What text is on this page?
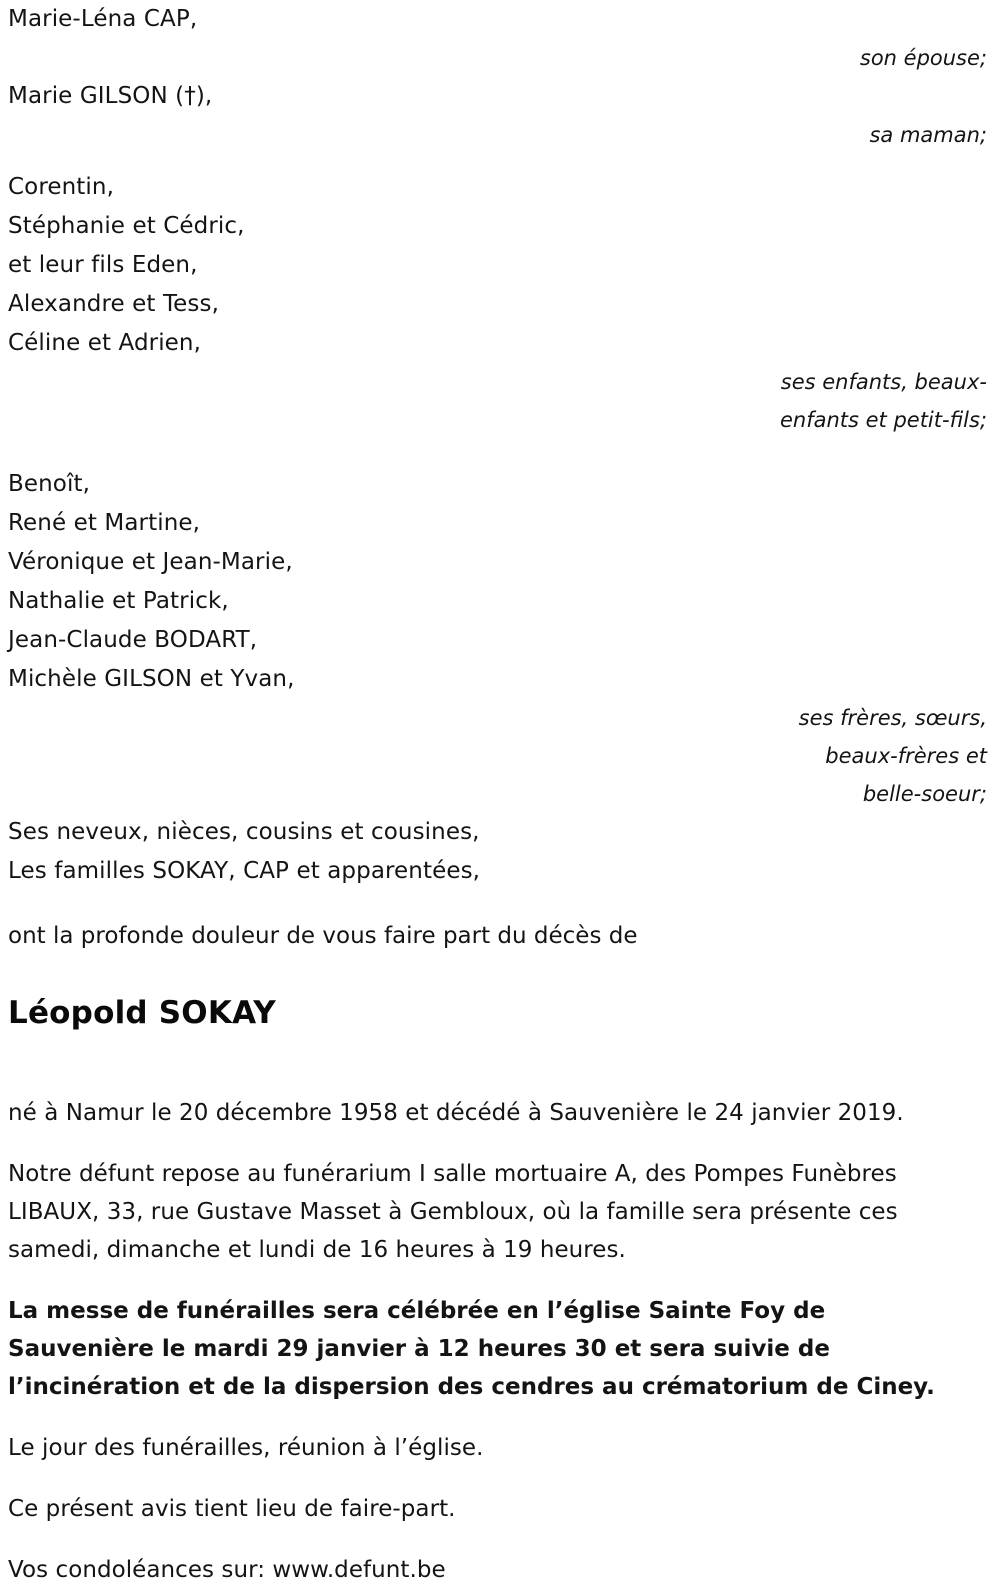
Marie-Léna CAP,
son épouse;
Marie GILSON (†),
sa maman;
Corentin,
Stéphanie et Cédric,
et leur fils Eden,
Alexandre et Tess,
Céline et Adrien,
ses enfants, beaux-
enfants et petit-fils;
Benoît,
René et Martine,
Véronique et Jean-Marie,
Nathalie et Patrick,
Jean-Claude BODART,
Michèle GILSON et Yvan,
ses frères, sœurs,
beaux-frères et
belle-soeur;
Ses neveux, nièces, cousins et cousines,
Les familles SOKAY, CAP et apparentées,
ont la profonde douleur de vous faire part du décès de
Léopold SOKAY

né à Namur le 20 décembre 1958 et décédé à Sauvenière le 24 janvier 2019.

Notre défunt repose au funérarium I salle mortuaire A, des Pompes Funèbres LIBAUX, 33, rue Gustave Masset à Gembloux, où la famille sera présente ces samedi, dimanche et lundi de 16 heures à 19 heures.

La messe de funérailles sera célébrée en l’église Sainte Foy de Sauvenière le mardi 29 janvier à 12 heures 30 et sera suivie de l’incinération et de la dispersion des cendres au crématorium de Ciney.

Le jour des funérailles, réunion à l’église.

Ce présent avis tient lieu de faire-part.

Vos condoléances sur: www.defunt.be
